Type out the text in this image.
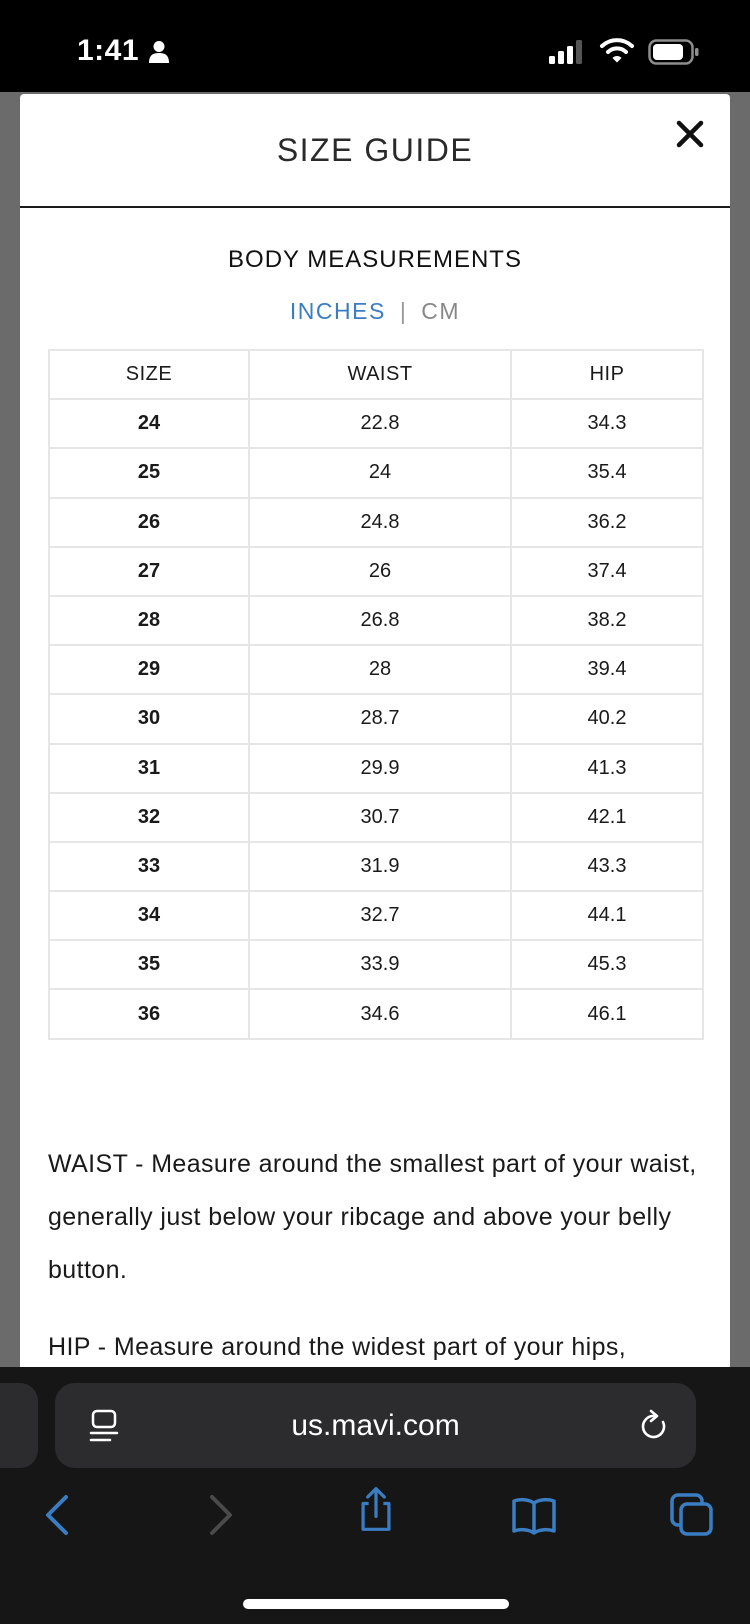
1:41
SIZE GUIDE
BODY MEASUREMENTS
INCHES | CM
SIZE	WAIST	HIP
24	22.8	34.3
25	24	35.4
26	24.8	36.2
27	26	37.4
28	26.8	38.2
29	28	39.4
30	28.7	40.2
31	29.9	41.3
32	30.7	42.1
33	31.9	43.3
34	32.7	44.1
35	33.9	45.3
36	34.6	46.1

WAIST - Measure around the smallest part of your waist, generally just below your ribcage and above your belly button.

HIP - Measure around the widest part of your hips,

us.mavi.com
